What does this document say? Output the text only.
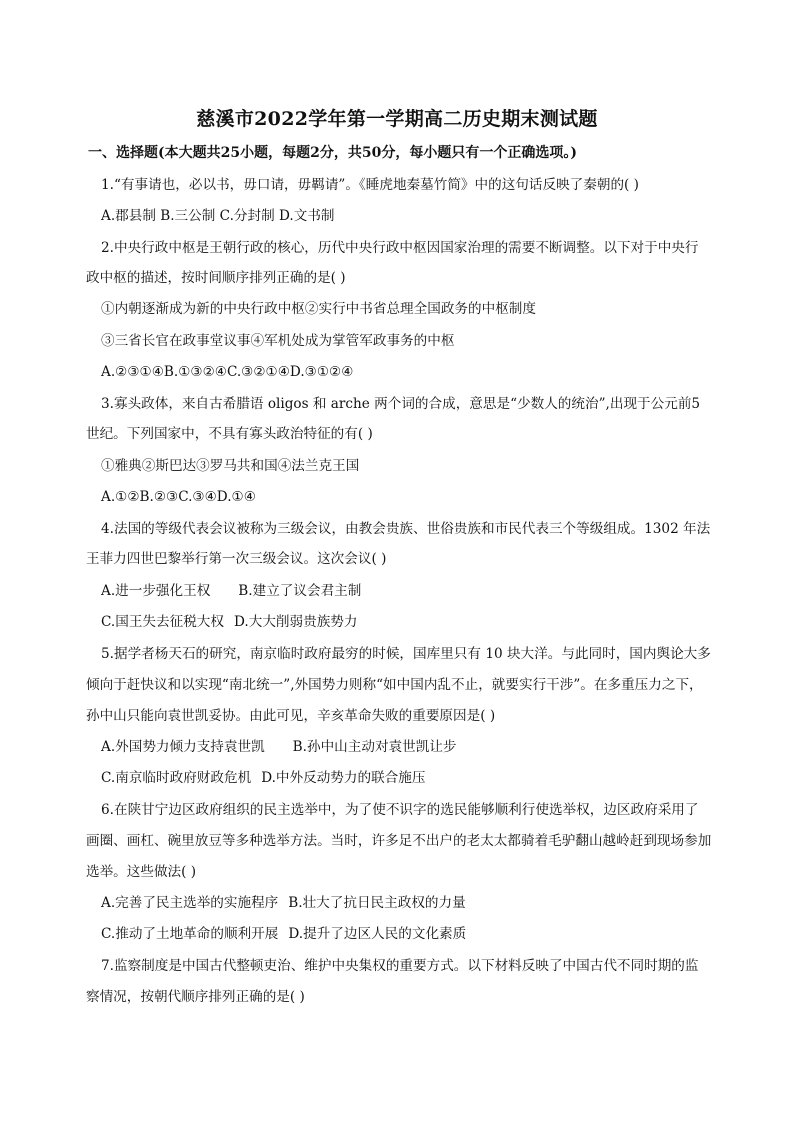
慈溪市2022学年第一学期高二历史期末测试题
一、选择题(本大题共25小题，每题2分，共50分，每小题只有一个正确选项。)
1.“有事请也，必以书，毋口请，毋羁请”。《睡虎地秦墓竹简》中的这句话反映了秦朝的( )
A.郡县制 B.三公制 C.分封制 D.文书制
2.中央行政中枢是王朝行政的核心，历代中央行政中枢因国家治理的需要不断调整。以下对于中央行
政中枢的描述，按时间顺序排列正确的是( )
①内朝逐渐成为新的中央行政中枢②实行中书省总理全国政务的中枢制度
③三省长官在政事堂议事④军机处成为掌管军政事务的中枢
A.②③①④B.①③②④C.③②①④D.③①②④
3.寡头政体，来自古希腊语 oligos 和 arche 两个词的合成，意思是“少数人的统治”,出现于公元前5
世纪。下列国家中，不具有寡头政治特征的有( )
①雅典②斯巴达③罗马共和国④法兰克王国
A.①②B.②③C.③④D.①④
4.法国的等级代表会议被称为三级会议，由教会贵族、世俗贵族和市民代表三个等级组成。1302 年法
王菲力四世巴黎举行第一次三级会议。这次会议( )
A.进一步强化王权 B.建立了议会君主制
C.国王失去征税大权 D.大大削弱贵族势力
5.据学者杨天石的研究，南京临时政府最穷的时候，国库里只有 10 块大洋。与此同时，国内舆论大多
倾向于赶快议和以实现“南北统一”,外国势力则称“如中国内乱不止，就要实行干涉”。在多重压力之下，
孙中山只能向袁世凯妥协。由此可见，辛亥革命失败的重要原因是( )
A.外国势力倾力支持袁世凯 B.孙中山主动对袁世凯让步
C.南京临时政府财政危机 D.中外反动势力的联合施压
6.在陕甘宁边区政府组织的民主选举中，为了使不识字的选民能够顺利行使选举权，边区政府采用了
画圈、画杠、碗里放豆等多种选举方法。当时，许多足不出户的老太太都骑着毛驴翻山越岭赶到现场参加
选举。这些做法( )
A.完善了民主选举的实施程序 B.壮大了抗日民主政权的力量
C.推动了土地革命的顺利开展 D.提升了边区人民的文化素质
7.监察制度是中国古代整顿吏治、维护中央集权的重要方式。以下材料反映了中国古代不同时期的监
察情况，按朝代顺序排列正确的是( )
